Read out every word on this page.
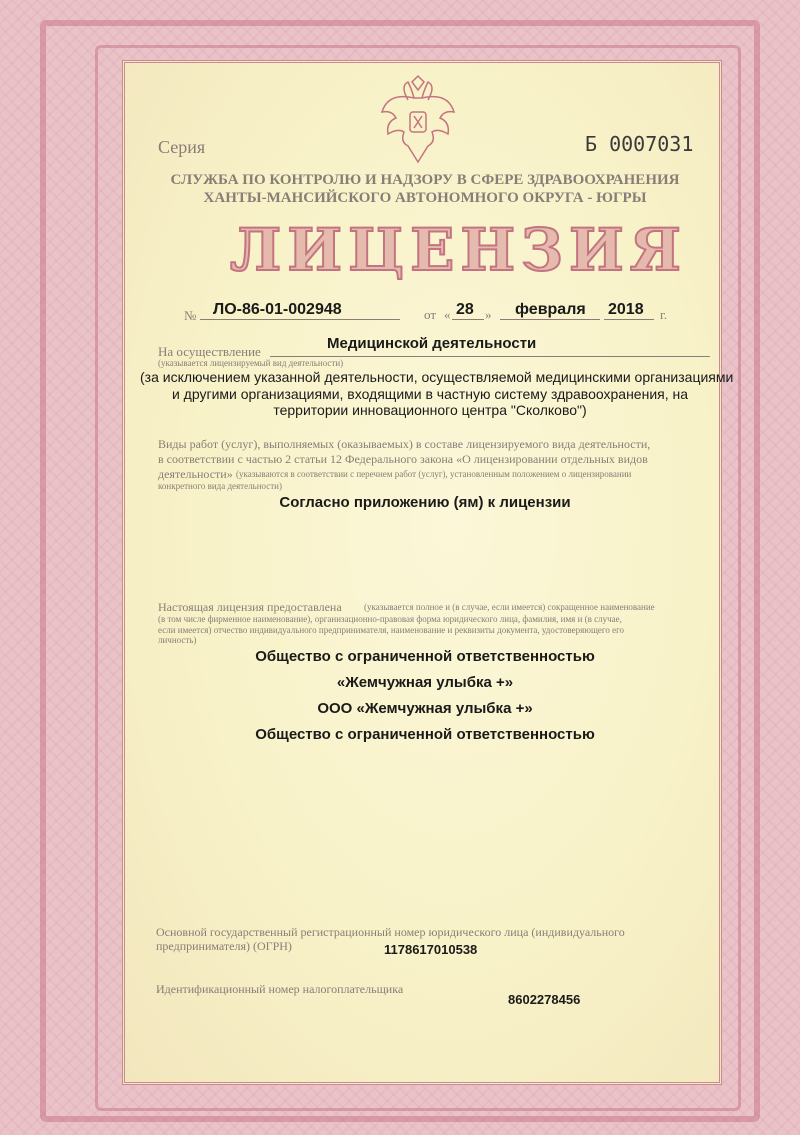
Серия	Б 0007031
СЛУЖБА ПО КОНТРОЛЮ И НАДЗОРУ В СФЕРЕ ЗДРАВООХРАНЕНИЯ
ХАНТЫ-МАНСИЙСКОГО АВТОНОМНОГО ОКРУГА - ЮГРЫ
ЛИЦЕНЗИЯ
№ ЛО-86-01-002948	от « 28 » февраля 2018 г.
Медицинской деятельности
На осуществление
(указывается лицензируемый вид деятельности)
(за исключением указанной деятельности, осуществляемой медицинскими организациями
и другими организациями, входящими в частную систему здравоохранения, на
территории инновационного центра "Сколково")
Виды работ (услуг), выполняемых (оказываемых) в составе лицензируемого вида деятельности,
в соответствии с частью 2 статьи 12 Федерального закона «О лицензировании отдельных видов
деятельности» (указываются в соответствии с перечнем работ (услуг), установленным положением о лицензировании
конкретного вида деятельности)
Согласно приложению (ям) к лицензии
Настоящая лицензия предоставлена (указывается полное и (в случае, если имеется) сокращенное наименование
(в том числе фирменное наименование), организационно-правовая форма юридического лица, фамилия, имя и (в случае,
если имеется) отчество индивидуального предпринимателя, наименование и реквизиты документа, удостоверяющего его
личность)
Общество с ограниченной ответственностью
«Жемчужная улыбка +»
ООО «Жемчужная улыбка +»
Общество с ограниченной ответственностью
Основной государственный регистрационный номер юридического лица (индивидуального
предпринимателя) (ОГРН)	1178617010538
Идентификационный номер налогоплательщика
8602278456
